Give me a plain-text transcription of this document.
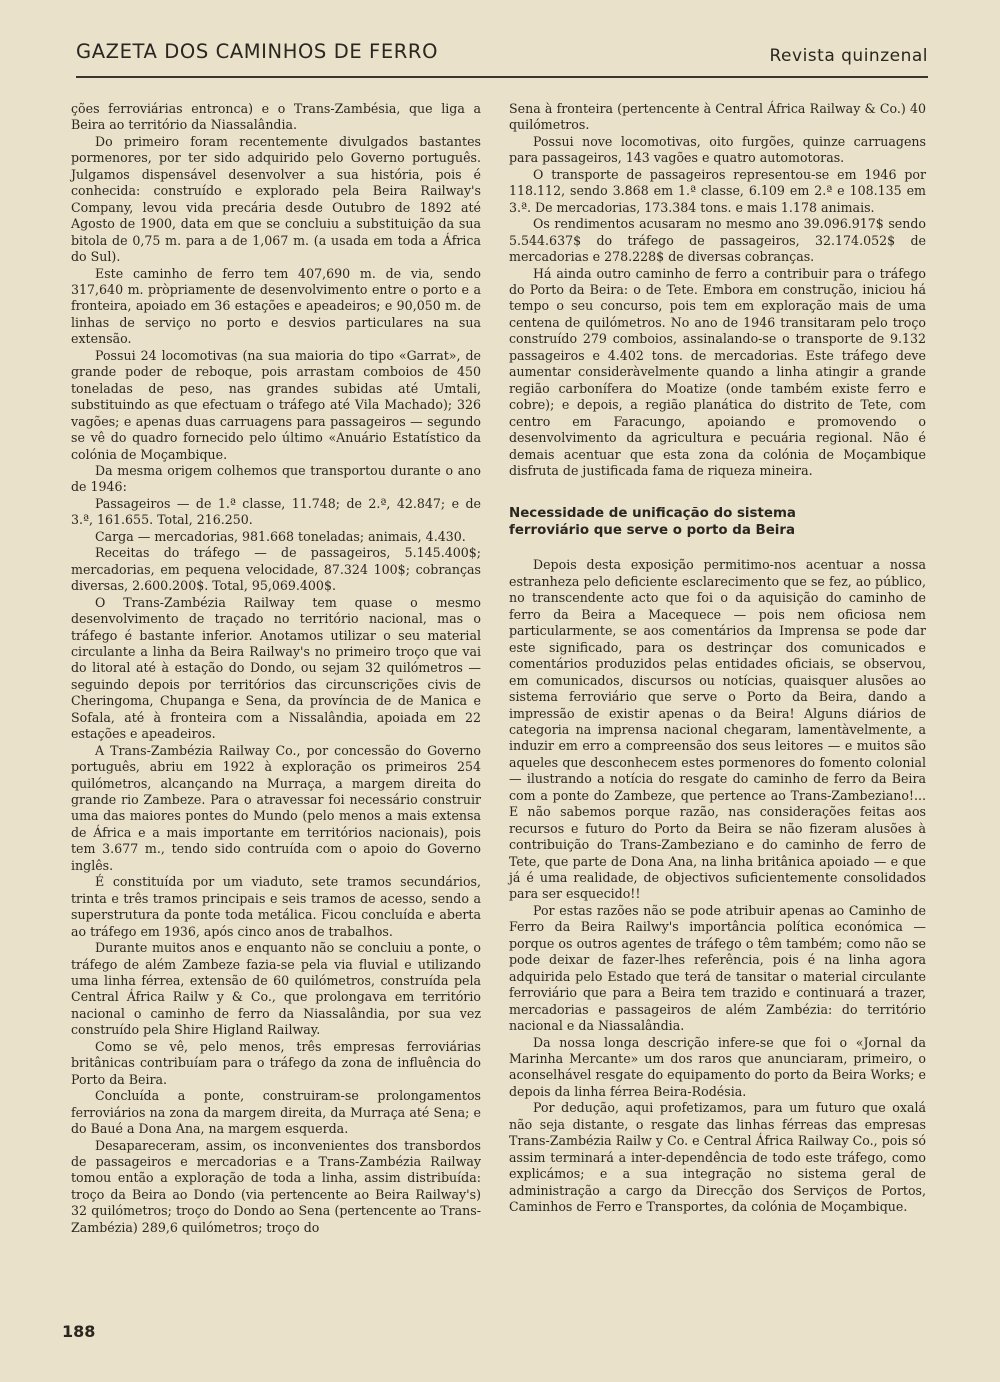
GAZETA DOS CAMINHOS DE FERRO	Revista quinzenal

ções ferroviárias entronca) e o Trans-Zambésia, que liga a Beira ao território da Niassalândia.

Do primeiro foram recentemente divulgados bastantes pormenores, por ter sido adquirido pelo Governo português. Julgamos dispensável desenvolver a sua história, pois é conhecida: construído e explorado pela Beira Railway's Company, levou vida precária desde Outubro de 1892 até Agosto de 1900, data em que se concluiu a substituição da sua bitola de 0,75 m. para a de 1,067 m. (a usada em toda a África do Sul).

Este caminho de ferro tem 407,690 m. de via, sendo 317,640 m. pròpriamente de desenvolvimento entre o porto e a fronteira, apoiado em 36 estações e apeadeiros; e 90,050 m. de linhas de serviço no porto e desvios particulares na sua extensão.

Possui 24 locomotivas (na sua maioria do tipo «Garrat», de grande poder de reboque, pois arrastam comboios de 450 toneladas de peso, nas grandes subidas até Umtali, substituindo as que efectuam o tráfego até Vila Machado); 326 vagões; e apenas duas carruagens para passageiros — segundo se vê do quadro fornecido pelo último «Anuário Estatístico da colónia de Moçambique.

Da mesma origem colhemos que transportou durante o ano de 1946:

Passageiros — de 1.ª classe, 11.748; de 2.ª, 42.847; e de 3.ª, 161.655. Total, 216.250.

Carga — mercadorias, 981.668 toneladas; animais, 4.430.

Receitas do tráfego — de passageiros, 5.145.400$; mercadorias, em pequena velocidade, 87.324 100$; cobranças diversas, 2.600.200$. Total, 95,069.400$.

O Trans-Zambézia Railway tem quase o mesmo desenvolvimento de traçado no território nacional, mas o tráfego é bastante inferior. Anotamos utilizar o seu material circulante a linha da Beira Railway's no primeiro troço que vai do litoral até à estação do Dondo, ou sejam 32 quilómetros — seguindo depois por territórios das circunscrições civis de Cheringoma, Chupanga e Sena, da província de de Manica e Sofala, até à fronteira com a Nissalândia, apoiada em 22 estações e apeadeiros.

A Trans-Zambézia Railway Co., por concessão do Governo português, abriu em 1922 à exploração os primeiros 254 quilómetros, alcançando na Murraça, a margem direita do grande rio Zambeze. Para o atravessar foi necessário construir uma das maiores pontes do Mundo (pelo menos a mais extensa de África e a mais importante em territórios nacionais), pois tem 3.677 m., tendo sido contruída com o apoio do Governo inglês.

É constituída por um viaduto, sete tramos secundários, trinta e três tramos principais e seis tramos de acesso, sendo a superstrutura da ponte toda metálica. Ficou concluída e aberta ao tráfego em 1936, após cinco anos de trabalhos.

Durante muitos anos e enquanto não se concluiu a ponte, o tráfego de além Zambeze fazia-se pela via fluvial e utilizando uma linha férrea, extensão de 60 quilómetros, construída pela Central África Railw y & Co., que prolongava em território nacional o caminho de ferro da Niassalândia, por sua vez construído pela Shire Higland Railway.

Como se vê, pelo menos, três empresas ferroviárias britânicas contribuíam para o tráfego da zona de influência do Porto da Beira.

Concluída a ponte, construiram-se prolongamentos ferroviários na zona da margem direita, da Murraça até Sena; e do Baué a Dona Ana, na margem esquerda.

Desapareceram, assim, os inconvenientes dos transbordos de passageiros e mercadorias e a Trans-Zambézia Railway tomou então a exploração de toda a linha, assim distribuída: troço da Beira ao Dondo (via pertencente ao Beira Railway's) 32 quilómetros; troço do Dondo ao Sena (pertencente ao Trans-Zambézia) 289,6 quilómetros; troço do

Sena à fronteira (pertencente à Central África Railway & Co.) 40 quilómetros.

Possui nove locomotivas, oito furgões, quinze carruagens para passageiros, 143 vagões e quatro automotoras.

O transporte de passageiros representou-se em 1946 por 118.112, sendo 3.868 em 1.ª classe, 6.109 em 2.ª e 108.135 em 3.ª. De mercadorias, 173.384 tons. e mais 1.178 animais.

Os rendimentos acusaram no mesmo ano 39.096.917$ sendo 5.544.637$ do tráfego de passageiros, 32.174.052$ de mercadorias e 278.228$ de diversas cobranças.

Há ainda outro caminho de ferro a contribuir para o tráfego do Porto da Beira: o de Tete. Embora em construção, iniciou há tempo o seu concurso, pois tem em exploração mais de uma centena de quilómetros. No ano de 1946 transitaram pelo troço construído 279 comboios, assinalando-se o transporte de 9.132 passageiros e 4.402 tons. de mercadorias. Este tráfego deve aumentar consideràvelmente quando a linha atingir a grande região carbonífera do Moatize (onde também existe ferro e cobre); e depois, a região planática do distrito de Tete, com centro em Faracungo, apoiando e promovendo o desenvolvimento da agricultura e pecuária regional. Não é demais acentuar que esta zona da colónia de Moçambique disfruta de justificada fama de riqueza mineira.

Necessidade de unificação do sistema

ferroviário que serve o porto da Beira

Depois desta exposição permitimo-nos acentuar a nossa estranheza pelo deficiente esclarecimento que se fez, ao público, no transcendente acto que foi o da aquisição do caminho de ferro da Beira a Macequece — pois nem oficiosa nem particularmente, se aos comentários da Imprensa se pode dar este significado, para os destrinçar dos comunicados e comentários produzidos pelas entidades oficiais, se observou, em comunicados, discursos ou notícias, quaisquer alusões ao sistema ferroviário que serve o Porto da Beira, dando a impressão de existir apenas o da Beira! Alguns diários de categoria na imprensa nacional chegaram, lamentàvelmente, a induzir em erro a compreensão dos seus leitores — e muitos são aqueles que desconhecem estes pormenores do fomento colonial — ilustrando a notícia do resgate do caminho de ferro da Beira com a ponte do Zambeze, que pertence ao Trans-Zambeziano!... E não sabemos porque razão, nas considerações feitas aos recursos e futuro do Porto da Beira se não fizeram alusões à contribuição do Trans-Zambeziano e do caminho de ferro de Tete, que parte de Dona Ana, na linha britânica apoiado — e que já é uma realidade, de objectivos suficientemente consolidados para ser esquecido!!

Por estas razões não se pode atribuir apenas ao Caminho de Ferro da Beira Railwy's importância política económica — porque os outros agentes de tráfego o têm também; como não se pode deixar de fazer-lhes referência, pois é na linha agora adquirida pelo Estado que terá de tansitar o material circulante ferroviário que para a Beira tem trazido e continuará a trazer, mercadorias e passageiros de além Zambézia: do território nacional e da Niassalândia.

Da nossa longa descrição infere-se que foi o «Jornal da Marinha Mercante» um dos raros que anunciaram, primeiro, o aconselhável resgate do equipamento do porto da Beira Works; e depois da linha férrea Beira-Rodésia.

Por dedução, aqui profetizamos, para um futuro que oxalá não seja distante, o resgate das linhas férreas das empresas Trans-Zambézia Railw y Co. e Central África Railway Co., pois só assim terminará a inter-dependência de todo este tráfego, como explicámos; e a sua integração no sistema geral de administração a cargo da Direcção dos Serviços de Portos, Caminhos de Ferro e Transportes, da colónia de Moçambique.

188
